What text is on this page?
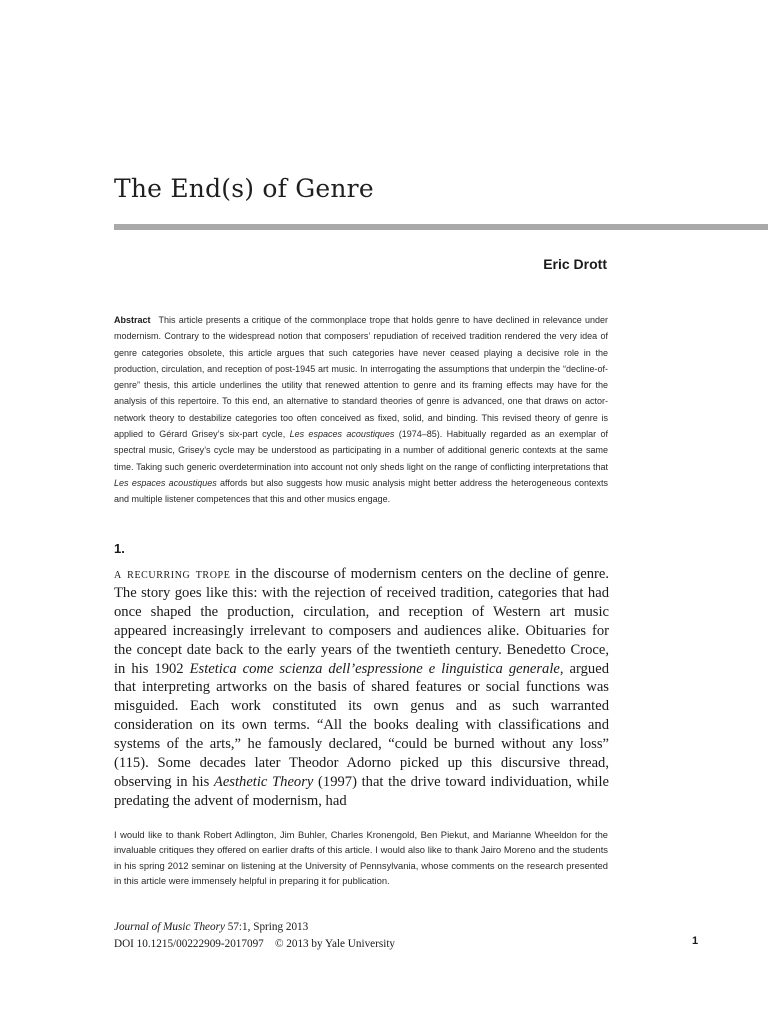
The End(s) of Genre
Eric Drott

Abstract This article presents a critique of the commonplace trope that holds genre to have declined in relevance under modernism. Contrary to the widespread notion that composers’ repudiation of received tradition rendered the very idea of genre categories obsolete, this article argues that such categories have never ceased playing a decisive role in the production, circulation, and reception of post-1945 art music. In interrogating the assumptions that underpin the “decline-of-genre” thesis, this article underlines the utility that renewed attention to genre and its framing effects may have for the analysis of this repertoire. To this end, an alternative to standard theories of genre is advanced, one that draws on actor-network theory to destabilize categories too often conceived as fixed, solid, and binding. This revised theory of genre is applied to Gérard Grisey’s six-part cycle, Les espaces acoustiques (1974–85). Habitually regarded as an exemplar of spectral music, Grisey’s cycle may be understood as participating in a number of additional generic contexts at the same time. Taking such generic overdetermination into account not only sheds light on the range of conflicting interpretations that Les espaces acoustiques affords but also suggests how music analysis might better address the heterogeneous contexts and multiple listener competences that this and other musics engage.

1.

a recurring trope in the discourse of modernism centers on the decline of genre. The story goes like this: with the rejection of received tradition, categories that had once shaped the production, circulation, and reception of Western art music appeared increasingly irrelevant to composers and audiences alike. Obituaries for the concept date back to the early years of the twentieth century. Benedetto Croce, in his 1902 Estetica come scienza dell’espressione e linguistica generale, argued that interpreting artworks on the basis of shared features or social functions was misguided. Each work constituted its own genus and as such warranted consideration on its own terms. “All the books dealing with classifications and systems of the arts,” he famously declared, “could be burned without any loss” (115). Some decades later Theodor Adorno picked up this discursive thread, observing in his Aesthetic Theory (1997) that the drive toward individuation, while predating the advent of modernism, had

I would like to thank Robert Adlington, Jim Buhler, Charles Kronengold, Ben Piekut, and Marianne Wheeldon for the invaluable critiques they offered on earlier drafts of this article. I would also like to thank Jairo Moreno and the students in his spring 2012 seminar on listening at the University of Pennsylvania, whose comments on the research presented in this article were immensely helpful in preparing it for publication.

Journal of Music Theory 57:1, Spring 2013
DOI 10.1215/00222909-2017097 © 2013 by Yale University	1
